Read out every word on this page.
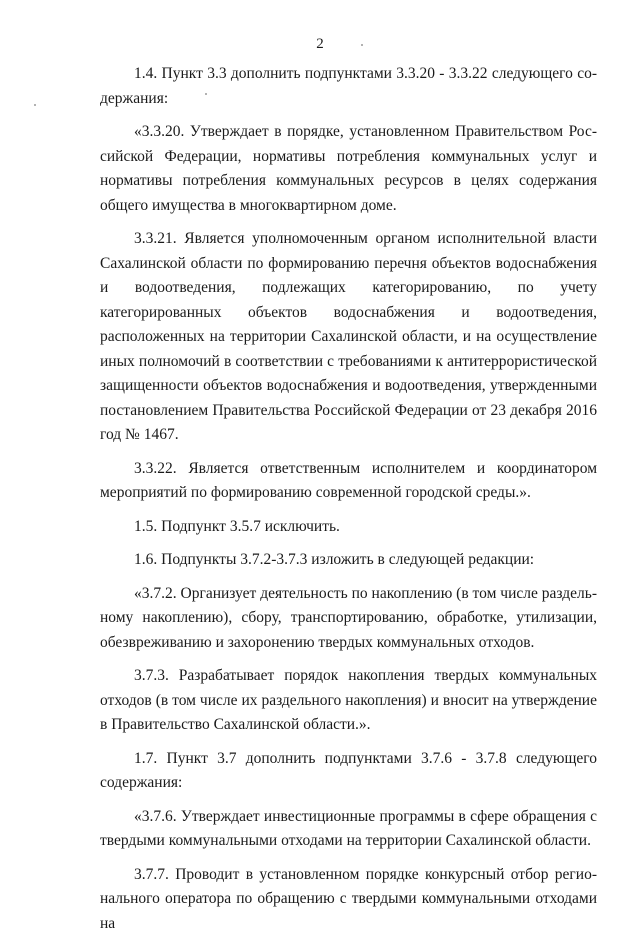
2

1.4. Пункт 3.3 дополнить подпунктами 3.3.20 - 3.3.22 следующего содержания:

«3.3.20. Утверждает в порядке, установленном Правительством Российской Федерации, нормативы потребления коммунальных услуг и нормативы потребления коммунальных ресурсов в целях содержания общего имущества в многоквартирном доме.

3.3.21. Является уполномоченным органом исполнительной власти Сахалинской области по формированию перечня объектов водоснабжения и водоотведения, подлежащих категорированию, по учету категорированных объектов водоснабжения и водоотведения, расположенных на территории Сахалинской области, и на осуществление иных полномочий в соответствии с требованиями к антитеррористической защищенности объектов водоснабжения и водоотведения, утвержденными постановлением Правительства Российской Федерации от 23 декабря 2016 год № 1467.

3.3.22. Является ответственным исполнителем и координатором мероприятий по формированию современной городской среды.».

1.5. Подпункт 3.5.7 исключить.

1.6. Подпункты 3.7.2-3.7.3 изложить в следующей редакции:

«3.7.2. Организует деятельность по накоплению (в том числе раздельному накоплению), сбору, транспортированию, обработке, утилизации, обезвреживанию и захоронению твердых коммунальных отходов.

3.7.3. Разрабатывает порядок накопления твердых коммунальных отходов (в том числе их раздельного накопления) и вносит на утверждение в Правительство Сахалинской области.».

1.7. Пункт 3.7 дополнить подпунктами 3.7.6 - 3.7.8 следующего содержания:

«3.7.6. Утверждает инвестиционные программы в сфере обращения с твердыми коммунальными отходами на территории Сахалинской области.

3.7.7. Проводит в установленном порядке конкурсный отбор регионального оператора по обращению с твердыми коммунальными отходами на
